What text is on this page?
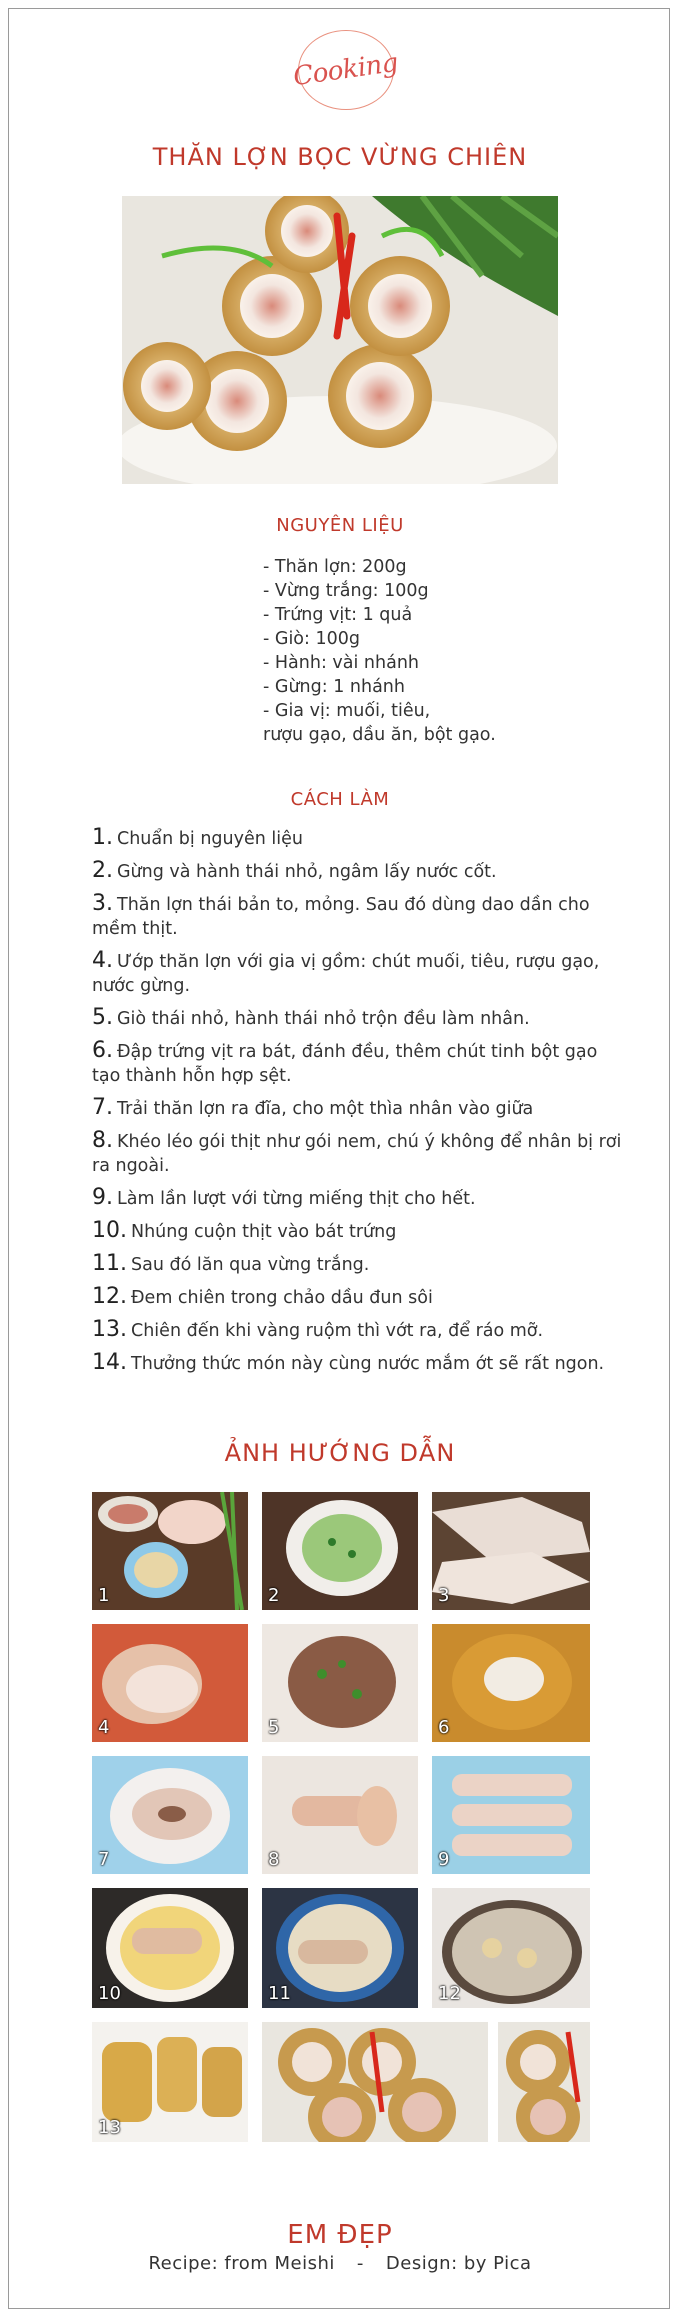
Cooking
THĂN LỢN BỌC VỪNG CHIÊN
NGUYÊN LIỆU
- Thăn lợn: 200g
- Vừng trắng: 100g
- Trứng vịt: 1 quả
- Giò: 100g
- Hành: vài nhánh
- Gừng: 1 nhánh
- Gia vị: muối, tiêu,
rượu gạo, dầu ăn, bột gạo.
CÁCH LÀM
1. Chuẩn bị nguyên liệu
2. Gừng và hành thái nhỏ, ngâm lấy nước cốt.
3. Thăn lợn thái bản to, mỏng. Sau đó dùng dao dần cho mềm thịt.
4. Ướp thăn lợn với gia vị gồm: chút muối, tiêu, rượu gạo, nước gừng.
5. Giò thái nhỏ, hành thái nhỏ trộn đều làm nhân.
6. Đập trứng vịt ra bát, đánh đều, thêm chút tinh bột gạo tạo thành hỗn hợp sệt.
7. Trải thăn lợn ra đĩa, cho một thìa nhân vào giữa
8. Khéo léo gói thịt như gói nem, chú ý không để nhân bị rơi ra ngoài.
9. Làm lần lượt với từng miếng thịt cho hết.
10. Nhúng cuộn thịt vào bát trứng
11. Sau đó lăn qua vừng trắng.
12. Đem chiên trong chảo dầu đun sôi
13. Chiên đến khi vàng ruộm thì vớt ra, để ráo mỡ.
14. Thưởng thức món này cùng nước mắm ớt sẽ rất ngon.
ẢNH HƯỚNG DẪN
1	2	3
4	5	6
7	8	9
10	11	12
13
EM ĐẸP
Recipe: from Meishi - Design: by Pica
